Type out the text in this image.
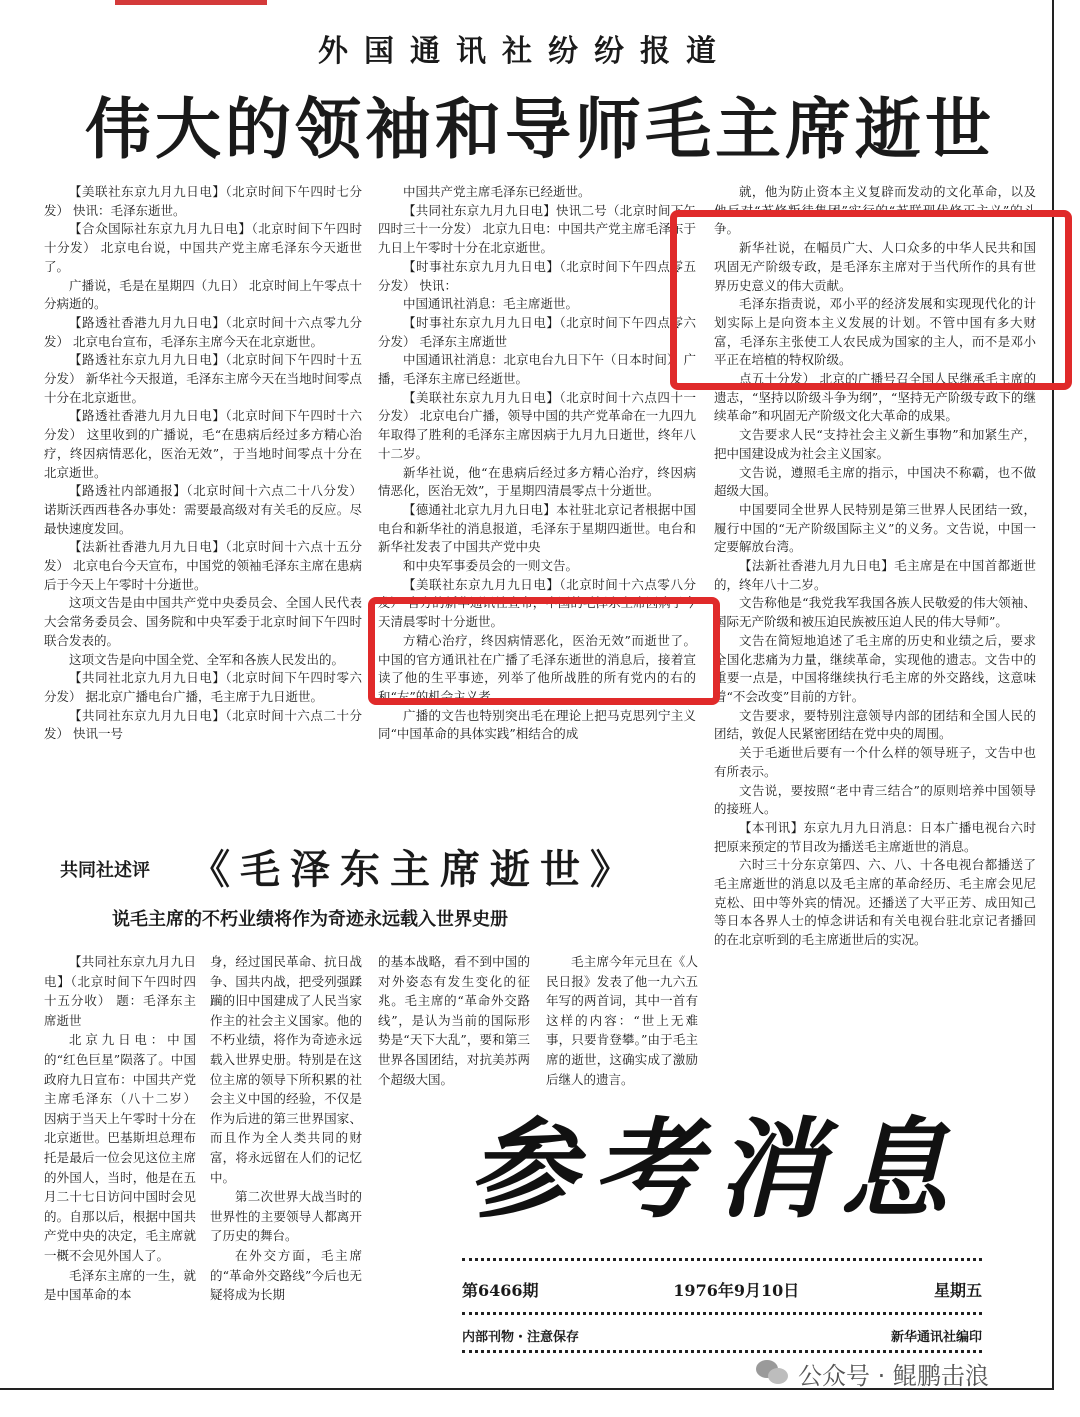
外国通讯社纷纷报道
伟大的领袖和导师毛主席逝世

【美联社东京九月九日电】（北京时间下午四时七分发） 快讯：毛泽东逝世。

【合众国际社东京九月九日电】（北京时间下午四时十分发） 北京电台说，中国共产党主席毛泽东今天逝世了。

广播说，毛是在星期四（九日） 北京时间上午零点十分病逝的。

【路透社香港九月九日电】（北京时间十六点零九分发） 北京电台宣布，毛泽东主席今天在北京逝世。

【路透社东京九月九日电】（北京时间下午四时十五分发） 新华社今天报道，毛泽东主席今天在当地时间零点十分在北京逝世。

【路透社香港九月九日电】（北京时间下午四时十六分发） 这里收到的广播说，毛“在患病后经过多方精心治疗，终因病情恶化，医治无效”，于当地时间零点十分在北京逝世。

【路透社内部通报】（北京时间十六点二十八分发） 诺斯沃西西巷各办事处：需要最高级对有关毛的反应。尽最快速度发回。

【法新社香港九月九日电】（北京时间十六点十五分发） 北京电台今天宣布，中国党的领袖毛泽东主席在患病后于今天上午零时十分逝世。

这项文告是由中国共产党中央委员会、全国人民代表大会常务委员会、国务院和中央军委于北京时间下午四时联合发表的。

这项文告是向中国全党、全军和各族人民发出的。

【共同社北京九月九日电】（北京时间下午四时零六分发） 据北京广播电台广播，毛主席于九日逝世。

【共同社东京九月九日电】（北京时间十六点二十分发） 快讯一号

中国共产党主席毛泽东已经逝世。

【共同社东京九月九日电】快讯二号（北京时间下午四时三十一分发） 北京九日电：中国共产党主席毛泽东于九日上午零时十分在北京逝世。

【时事社东京九月九日电】（北京时间下午四点零五分发） 快讯：

中国通讯社消息：毛主席逝世。

【时事社东京九月九日电】（北京时间下午四点零六分发） 毛泽东主席逝世

中国通讯社消息：北京电台九日下午（日本时间） 广播，毛泽东主席已经逝世。

【美联社东京九月九日电】（北京时间十六点四十一分发） 北京电台广播，领导中国的共产党革命在一九四九年取得了胜利的毛泽东主席因病于九月九日逝世，终年八十二岁。

新华社说，他“在患病后经过多方精心治疗，终因病情恶化，医治无效”，于星期四清晨零点十分逝世。

【德通社北京九月九日电】本社驻北京记者根据中国电台和新华社的消息报道，毛泽东于星期四逝世。电台和新华社发表了中国共产党中央

和中央军事委员会的一则文告。

【美联社东京九月九日电】（北京时间十六点零八分发） 官方的新华通讯社宣布，中国的毛泽东主席因病于今天清晨零时十分逝世。

方精心治疗，终因病情恶化，医治无效”而逝世了。中国的官方通讯社在广播了毛泽东逝世的消息后，接着宣读了他的生平事迹，列举了他所战胜的所有党内的右的和“左”的机会主义者。

广播的文告也特别突出毛在理论上把马克思列宁主义同“中国革命的具体实践”相结合的成

就，他为防止资本主义复辟而发动的文化革命，以及他反对“苏修叛徒集团”实行的“苏联现代修正主义”的斗争。

新华社说，在幅员广大、人口众多的中华人民共和国巩固无产阶级专政，是毛泽东主席对于当代所作的具有世界历史意义的伟大贡献。

毛泽东指责说，邓小平的经济发展和实现现代化的计划实际上是向资本主义发展的计划。不管中国有多大财富，毛泽东主张使工人农民成为国家的主人，而不是邓小平正在培植的特权阶级。

点五十分发） 北京的广播号召全国人民继承毛主席的遗志，“坚持以阶级斗争为纲”，“坚持无产阶级专政下的继续革命”和巩固无产阶级文化大革命的成果。

文告要求人民“支持社会主义新生事物”和加紧生产，把中国建设成为社会主义国家。

文告说，遵照毛主席的指示，中国决不称霸，也不做超级大国。

中国要同全世界人民特别是第三世界人民团结一致，履行中国的“无产阶级国际主义”的义务。文告说，中国一定要解放台湾。

【法新社香港九月九日电】毛主席是在中国首都逝世的，终年八十二岁。

文告称他是“我党我军我国各族人民敬爱的伟大领袖、国际无产阶级和被压迫民族被压迫人民的伟大导师”。

文告在简短地追述了毛主席的历史和业绩之后，要求全国化悲痛为力量，继续革命，实现他的遗志。文告中的重要一点是，中国将继续执行毛主席的外交路线，这意味着“不会改变”目前的方针。

文告要求，要特别注意领导内部的团结和全国人民的团结，敦促人民紧密团结在党中央的周围。

关于毛逝世后要有一个什么样的领导班子，文告中也有所表示。

文告说，要按照“老中青三结合”的原则培养中国领导的接班人。

【本刊讯】东京九月九日消息：日本广播电视台六时把原来预定的节目改为播送毛主席逝世的消息。

六时三十分东京第四、六、八、十各电视台都播送了毛主席逝世的消息以及毛主席的革命经历、毛主席会见尼克松、田中等外宾的情况。还播送了大平正芳、成田知己等日本各界人士的悼念讲话和有关电视台驻北京记者播回的在北京听到的毛主席逝世后的实况。

共同社述评 《毛泽东主席逝世》
说毛主席的不朽业绩将作为奇迹永远载入世界史册

【共同社东京九月九日电】（北京时间下午四时四十五分收） 题：毛泽东主席逝世

北京九日电：中国的“红色巨星”陨落了。中国政府九日宣布：中国共产党主席毛泽东（八十二岁） 因病于当天上午零时十分在北京逝世。巴基斯坦总理布托是最后一位会见这位主席的外国人，当时，他是在五月二十七日访问中国时会见的。自那以后，根据中国共产党中央的决定，毛主席就一概不会见外国人了。

毛泽东主席的一生，就是中国革命的本

身，经过国民革命、抗日战争、国共内战，把受列强蹂躏的旧中国建成了人民当家作主的社会主义国家。他的不朽业绩，将作为奇迹永远载入世界史册。特别是在这位主席的领导下所积累的社会主义中国的经验，不仅是作为后进的第三世界国家、而且作为全人类共同的财富，将永远留在人们的记忆中。

第二次世界大战当时的世界性的主要领导人都离开了历史的舞台。

在外交方面，毛主席的“革命外交路线”今后也无疑将成为长期

的基本战略，看不到中国的对外姿态有发生变化的征兆。毛主席的“革命外交路线”，是认为当前的国际形势是“天下大乱”，要和第三世界各国团结，对抗美苏两个超级大国。

毛主席今年元旦在《人民日报》发表了他一九六五年写的两首词，其中一首有这样的内容：“世上无难事，只要肯登攀。”由于毛主席的逝世，这确实成了激励后继人的遗言。

参考消息
第6466期	1976年9月10日	星期五
内部刊物・注意保存	新华通讯社编印
公众号 · 鲲鹏击浪
